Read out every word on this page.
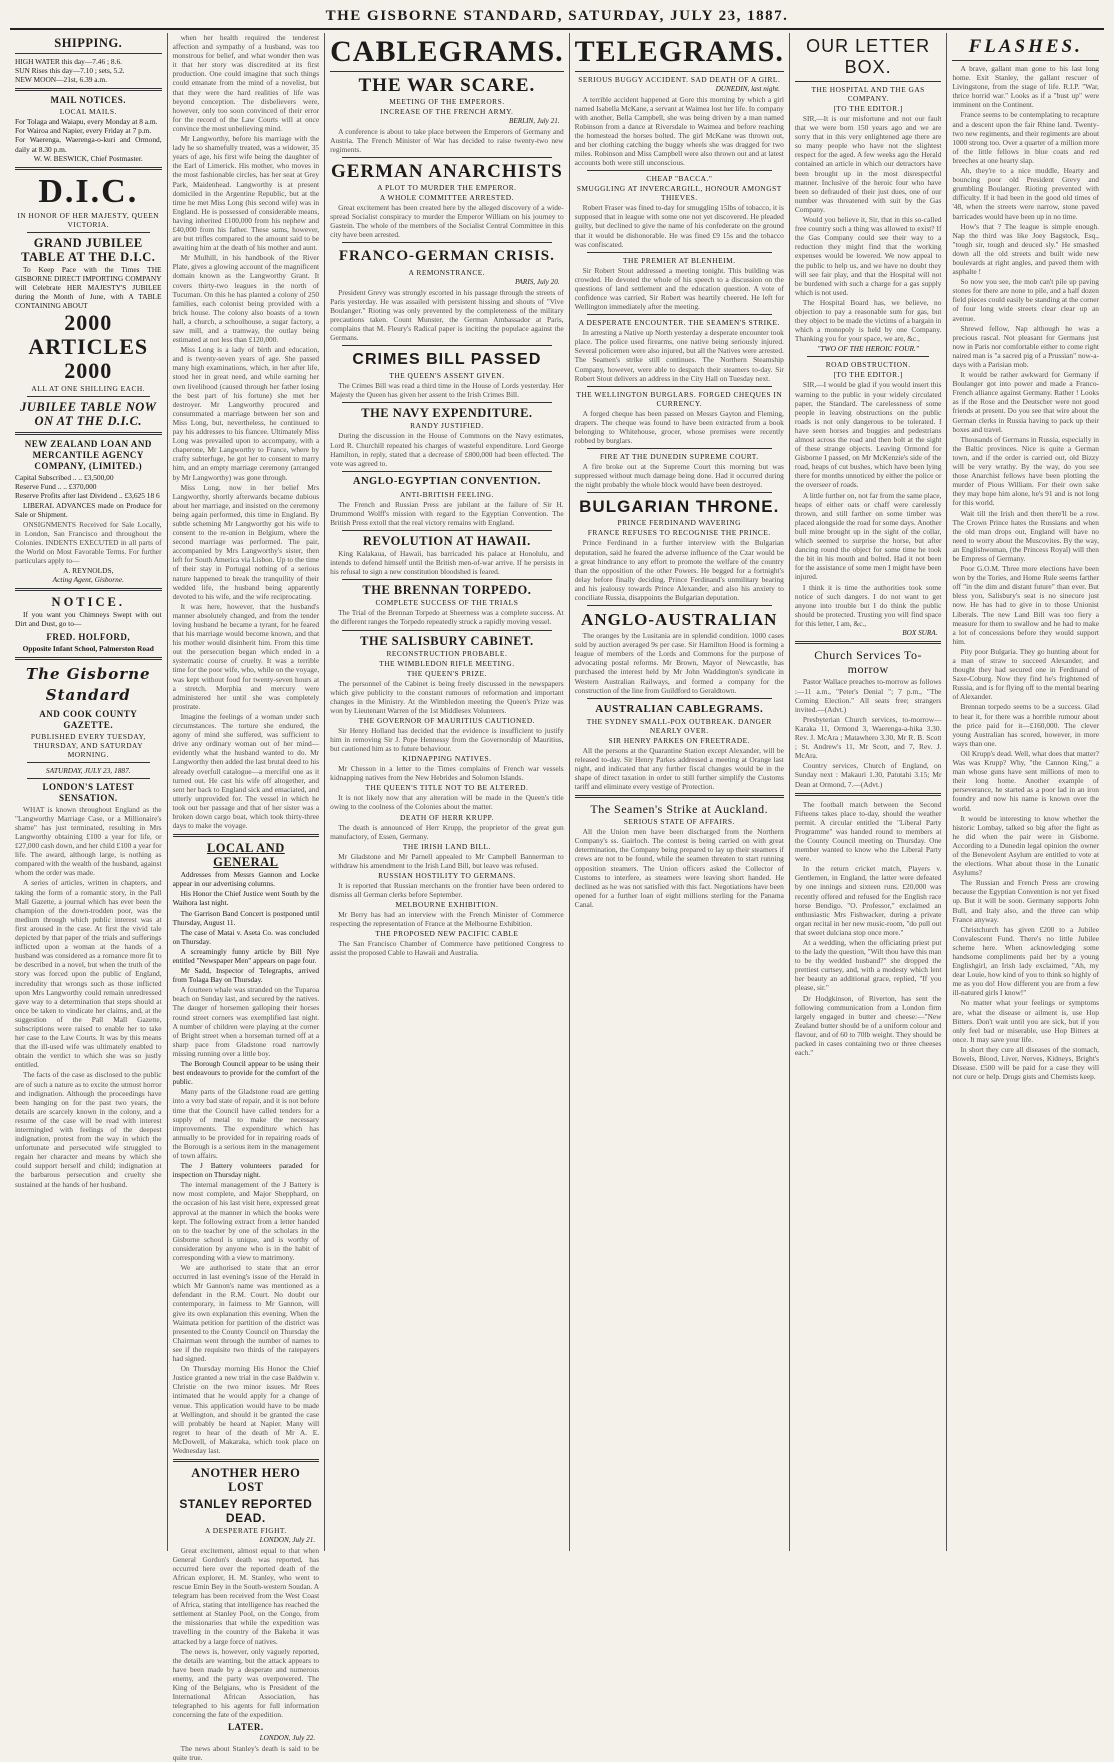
THE GISBORNE STANDARD, SATURDAY, JULY 23, 1887.
SHIPPING.
HIGH WATER this day—7.46 ; 8.6.
SUN Rises this day—7.10 ; sets, 5.2.
NEW MOON—21st, 6.39 a.m.
MAIL NOTICES.
LOCAL MAILS.
For Tolaga and Waiapu, every Monday at 8 a.m.
For Wairoa and Napier, every Friday at 7 p.m.
For Waerenga, Waerenga-o-kuri and Ormond, daily at 8.30 p.m.
W. W. BESWICK, Chief Postmaster.
D.I.C.
IN HONOR OF HER MAJESTY, QUEEN VICTORIA.
GRAND JUBILEE TABLE AT THE D.I.C.

To Keep Pace with the Times THE GISBORNE DIRECT IMPORTING COMPANY will Celebrate HER MAJESTY'S JUBILEE during the Month of June, with A TABLE CONTAINING ABOUT

2000 ARTICLES 2000
ALL AT ONE SHILLING EACH.
JUBILEE TABLE NOW ON AT THE D.I.C.
NEW ZEALAND LOAN AND MERCANTILE AGENCY COMPANY, (LIMITED.)
Capital Subscribed .. .. £3,500,00
Reserve Fund .. .. £370,000
Reserve Profits after last Dividend .. £3,625 18 6

LIBERAL ADVANCES made on Produce for Sale or Shipment.

ONSIGNMENTS Received for Sale Locally, in London, San Francisco and throughout the Colonies. INDENTS EXECUTED in all parts of the World on Most Favorable Terms. For further particulars apply to—

A. REYNOLDS,
Acting Agent, Gisborne.
NOTICE.

If you want you Chimneys Swept with out Dirt and Dust, go to—

FRED. HOLFORD,
Opposite Infant School, Palmerston Road
The Gisborne Standard
AND COOK COUNTY GAZETTE.
PUBLISHED EVERY TUESDAY, THURSDAY, AND SATURDAY MORNING.
SATURDAY, JULY 23, 1887.
LONDON'S LATEST SENSATION.

WHAT is known throughout England as the "Langworthy Marriage Case, or a Millionaire's shame" has just terminated, resulting in Mrs Langworthy obtaining £100 a year for life, or £27,000 cash down, and her child £100 a year for life. The award, although large, is nothing as compared with the wealth of the husband, against whom the order was made.

A series of articles, written in chapters, and taking the form of a romantic story, in the Pall Mall Gazette, a journal which has ever been the champion of the down-trodden poor, was the medium through which public interest was at first aroused in the case. At first the vivid tale depicted by that paper of the trials and sufferings inflicted upon a woman at the hands of a husband was considered as a romance more fit to be described in a novel, but when the truth of the story was forced upon the public of England, incredulity that wrongs such as those inflicted upon Mrs Langworthy could remain unredressed gave way to a determination that steps should at once be taken to vindicate her claims, and, at the suggestion of the Pall Mall Gazette, subscriptions were raised to enable her to take her case to the Law Courts. It was by this means that the ill-used wife was ultimately enabled to obtain the verdict to which she was so justly entitled.

The facts of the case as disclosed to the public are of such a nature as to excite the utmost horror and indignation. Although the proceedings have been hanging on for the past two years, the details are scarcely known in the colony, and a resume of the case will be read with interest intermingled with feelings of the deepest indignation, protest from the way in which the unfortunate and persecuted wife struggled to regain her character and means by which she could support herself and child; indignation at the barbarous persecution and cruelty she sustained at the hands of her husband.

when her health required the tenderest affection and sympathy of a husband, was too monstrous for belief, and what wonder then was it that her story was discredited at its first production. One could imagine that such things could emanate from the mind of a novelist, but that they were the hard realities of life was beyond conception. The disbelievers were, however, only too soon convinced of their error for the record of the Law Courts will at once convince the most unbelieving mind.

Mr Langworthy, before his marriage with the lady he so shamefully treated, was a widower, 35 years of age, his first wife being the daughter of the Earl of Limerick. His mother, who moves in the most fashionable circles, has her seat at Grey Park, Maidenhead. Langworthy is at present domiciled in the Argentine Republic, but at the time he met Miss Long (his second wife) was in England. He is possessed of considerable means, having inherited £100,000 from his nephew and £40,000 from his father. These sums, however, are but trifles compared to the amount said to be awaiting him at the death of his mother and aunt.

Mr Mulhill, in his handbook of the River Plate, gives a glowing account of the magnificent domain known as the Langworthy Grant. It covers thirty-two leagues in the north of Tucuman. On this he has planted a colony of 250 families, each colonist being provided with a brick house. The colony also boasts of a town hall, a church, a schoolhouse, a sugar factory, a saw mill, and a tramway, the outlay being estimated at not less than £120,000.

Miss Long is a lady of birth and education, and is twenty-seven years of age. She passed many high examinations, which, in her after life, stood her in great need, and while earning her own livelihood (caused through her father losing the best part of his fortune) she met her destroyer. Mr Langworthy procured and consummated a marriage between her son and Miss Long, but, nevertheless, he continued to pay his addresses to his fiancee. Ultimately Miss Long was prevailed upon to accompany, with a chaperone, Mr Langworthy to France, where by crafty subterfuge, he got her to consent to marry him, and an empty marriage ceremony (arranged by Mr Langworthy) was gone through.

Miss Long, now in her belief Mrs Langworthy, shortly afterwards became dubious about her marriage, and insisted on the ceremony being again performed, this time in England. By subtle scheming Mr Langworthy got his wife to consent to the re-union in Belgium, where the second marriage was performed. The pair, accompanied by Mrs Langworthy's sister, then left for South America via Lisbon. Up to the time of their stay in Portugal nothing of a serious nature happened to break the tranquility of their wedded life, the husband being apparently devoted to his wife, and the wife reciprocating.

It was here, however, that the husband's manner absolutely changed, and from the tender loving husband he became a tyrant, for he feared that his marriage would become known, and that his mother would disinherit him. From this time out the persecution began which ended in a systematic course of cruelty. It was a terrible time for the poor wife, who, while on the voyage, was kept without food for twenty-seven hours at a stretch. Morphia and mercury were administered her until she was completely prostrate.

Imagine the feelings of a woman under such circumstances. The torture she endured, the agony of mind she suffered, was sufficient to drive any ordinary woman out of her mind—evidently what the husband wanted to do. Mr Langworthy then added the last brutal deed to his already overfull catalogue—a merciful one as it turned out. He cast his wife off altogether, and sent her back to England sick and emaciated, and utterly unprovided for. The vessel in which he took out her passage and that of her sister was a broken down cargo boat, which took thirty-three days to make the voyage.

LOCAL AND GENERAL

Addresses from Messrs Gannon and Locke appear in our advertising columns.

His Honor the Chief Justice went South by the Waihora last night.

The Garrison Band Concert is postponed until Thursday, August 11.

The case of Matai v. Aseta Co. was concluded on Thursday.

A screamingly funny article by Bill Nye entitled "Newspaper Men" appears on page four.

Mr Sadd, Inspector of Telegraphs, arrived from Tolaga Bay on Thursday.

A fourteen whale was stranded on the Tuparoa beach on Sunday last, and secured by the natives. The dauger of horsemen galloping their horses round street corners was exemplified last night. A number of children were playing at the corner of Bright street when a horseman turned off at a sharp pace from Gladstone road narrowly missing running over a little boy.

The Borough Council appear to be using their best endeavours to provide for the comfort of the public.

Many parts of the Gladstone road are getting into a very bad state of repair, and it is not before time that the Council have called tenders for a supply of metal to make the necessary improvements. The expenditure which has annually to be provided for in repairing roads of the Borough is a serious item in the management of town affairs.

The J Battery volunteers paraded for inspection on Thursday night.

The internal management of the J Battery is now most complete, and Major Shepphard, on the occasion of his last visit here, expressed great approval at the manner in which the books were kept. The following extract from a letter handed on to the teacher by one of the scholars in the Gisborne school is unique, and is worthy of consideration by anyone who is in the habit of corresponding with a view to matrimony.

We are authorised to state that an error occurred in last evening's issue of the Herald in which Mr Gannon's name was mentioned as a defendant in the R.M. Court. No doubt our contemporary, in fairness to Mr Gannon, will give its own explanation this evening. When the Waimata petition for partition of the district was presented to the County Council on Thursday the Chairman went through the number of names to see if the requisite two thirds of the ratepayers had signed.

On Thursday morning His Honor the Chief Justice granted a new trial in the case Baldwin v. Christie on the two minor issues. Mr Rees intimated that he would apply for a change of venue. This application would have to be made at Wellington, and should it be granted the case will probably be heard at Napier. Many will regret to hear of the death of Mr A. E. McDowell, of Makaraka, which took place on Wednesday last.

ANOTHER HERO LOST
STANLEY REPORTED DEAD.
A DESPERATE FIGHT.
LONDON, July 21.

Great excitement, almost equal to that when General Gordon's death was reported, has occurred here over the reported death of the African explorer, H. M. Stanley, who went to rescue Emin Bey in the South-western Soudan. A telegram has been received from the West Coast of Africa, stating that intelligence has reached the settlement at Stanley Pool, on the Congo, from the missionaries that while the expedition was travelling in the country of the Bakeba it was attacked by a large force of natives.

The news is, however, only vaguely reported, the details are wanting, but the attack appears to have been made by a desperate and numerous enemy, and the party was overpowered. The King of the Belgians, who is President of the International African Association, has telegraphed to his agents for full information concerning the fate of the expedition.

LATER.
LONDON, July 22.

The news about Stanley's death is said to be quite true.

CABLEGRAMS.
THE WAR SCARE.
MEETING OF THE EMPERORS.
INCREASE OF THE FRENCH ARMY.
BERLIN, July 21.

A conference is about to take place between the Emperors of Germany and Austria. The French Minister of War has decided to raise twenty-two new regiments.

GERMAN ANARCHISTS
A PLOT TO MURDER THE EMPEROR.
A WHOLE COMMITTEE ARRESTED.

Great excitement has been created here by the alleged discovery of a wide-spread Socialist conspiracy to murder the Emperor William on his journey to Gastein. The whole of the members of the Socialist Central Committee in this city have been arrested.

FRANCO-GERMAN CRISIS.
A REMONSTRANCE.
PARIS, July 20.

President Grevy was strongly escorted in his passage through the streets of Paris yesterday. He was assailed with persistent hissing and shouts of "Vive Boulanger." Rioting was only prevented by the completeness of the military precautions taken. Count Munster, the German Ambassador at Paris, complains that M. Fleury's Radical paper is inciting the populace against the Germans.

CRIMES BILL PASSED
THE QUEEN'S ASSENT GIVEN.

The Crimes Bill was read a third time in the House of Lords yesterday. Her Majesty the Queen has given her assent to the Irish Crimes Bill.

THE NAVY EXPENDITURE.
RANDY JUSTIFIED.

During the discussion in the House of Commons on the Navy estimates, Lord R. Churchill repeated his charges of wasteful expenditure. Lord George Hamilton, in reply, stated that a decrease of £800,000 had been effected. The vote was agreed to.

ANGLO-EGYPTIAN CONVENTION.
ANTI-BRITISH FEELING.

The French and Russian Press are jubilant at the failure of Sir H. Drummond Wolff's mission with regard to the Egyptian Convention. The British Press extoll that the real victory remains with England.

REVOLUTION AT HAWAII.

King Kalakaua, of Hawaii, has barricaded his palace at Honolulu, and intends to defend himself until the British men-of-war arrive. If he persists in his refusal to sign a new constitution bloodshed is feared.

THE BRENNAN TORPEDO.
COMPLETE SUCCESS OF THE TRIALS

The Trial of the Brennan Torpedo at Sheerness was a complete success. At the different ranges the Torpedo repeatedly struck a rapidly moving vessel.

THE SALISBURY CABINET.
RECONSTRUCTION PROBABLE.
THE WIMBLEDON RIFLE MEETING.
THE QUEEN'S PRIZE.

The personnel of the Cabinet is being freely discussed in the newspapers which give publicity to the constant rumours of reformation and important changes in the Ministry. At the Wimbledon meeting the Queen's Prize was won by Lieutenant Warren of the 1st Middlesex Volunteers.

THE GOVERNOR OF MAURITIUS CAUTIONED.

Sir Henry Holland has decided that the evidence is insufficient to justify him in removing Sir J. Pope Hennessy from the Governorship of Mauritius, but cautioned him as to future behaviour.

KIDNAPPING NATIVES.

Mr Chesson in a letter to the Times complains of French war vessels kidnapping natives from the New Hebrides and Solomon Islands.

THE QUEEN'S TITLE NOT TO BE ALTERED.

It is not likely now that any alteration will be made in the Queen's title owing to the coolness of the Colonies about the matter.

DEATH OF HERR KRUPP.

The death is announced of Herr Krupp, the proprietor of the great gun manufactory, of Essen, Germany.

THE IRISH LAND BILL.

Mr Gladstone and Mr Parnell appealed to Mr Campbell Bannerman to withdraw his amendment to the Irish Land Bill, but leave was refused.

RUSSIAN HOSTILITY TO GERMANS.

It is reported that Russian merchants on the frontier have been ordered to dismiss all German clerks before September.

MELBOURNE EXHIBITION.

Mr Berry has had an interview with the French Minister of Commerce respecting the representation of France at the Melbourne Exhibition.

THE PROPOSED NEW PACIFIC CABLE

The San Francisco Chamber of Commerce have petitioned Congress to assist the proposed Cable to Hawaii and Australia.

TELEGRAMS.
SERIOUS BUGGY ACCIDENT. SAD DEATH OF A GIRL.
DUNEDIN, last night.

A terrible accident happened at Gore this morning by which a girl named Isabella McKane, a servant at Waimea lost her life. In company with another, Bella Campbell, she was being driven by a man named Robinson from a dance at Riversdale to Waimea and before reaching the homestead the horses bolted. The girl McKane was thrown out, and her clothing catching the buggy wheels she was dragged for two miles. Robinson and Miss Campbell were also thrown out and at latest accounts both were still unconscious.

CHEAP "BACCA."
SMUGGLING AT INVERCARGILL, HONOUR AMONGST THIEVES.

Robert Fraser was fined to-day for smuggling 15lbs of tobacco, it is supposed that in league with some one not yet discovered. He pleaded guilty, but declined to give the name of his confederate on the ground that it would be dishonorable. He was fined £9 15s and the tobacco was confiscated.

THE PREMIER AT BLENHEIM.

Sir Robert Stout addressed a meeting tonight. This building was crowded. He devoted the whole of his speech to a discussion on the questions of land settlement and the education question. A vote of confidence was carried, Sir Robert was heartily cheered. He left for Wellington immediately after the meeting.

A DESPERATE ENCOUNTER. THE SEAMEN'S STRIKE.

In arresting a Native up North yesterday a desperate encounter took place. The police used firearms, one native being seriously injured. Several policemen were also injured, but all the Natives were arrested. The Seamen's strike still continues. The Northern Steamship Company, however, were able to despatch their steamers to-day. Sir Robert Stout delivers an address in the City Hall on Tuesday next.

THE WELLINGTON BURGLARS. FORGED CHEQUES IN CURRENCY.

A forged cheque has been passed on Messrs Gayton and Fleming, drapers. The cheque was found to have been extracted from a book belonging to Whitehouse, grocer, whose premises were recently robbed by burglars.

FIRE AT THE DUNEDIN SUPREME COURT.

A fire broke out at the Supreme Court this morning but was suppressed without much damage being done. Had it occurred during the night probably the whole block would have been destroyed.

BULGARIAN THRONE.
PRINCE FERDINAND WAVERING
FRANCE REFUSES TO RECOGNISE THE PRINCE.

Prince Ferdinand in a further interview with the Bulgarian deputation, said he feared the adverse influence of the Czar would be a great hindrance to any effort to promote the welfare of the country than the opposition of the other Powers. He begged for a fortnight's delay before finally deciding. Prince Ferdinand's unmilitary bearing and his jealousy towards Prince Alexander, and also his anxiety to conciliate Russia, disappoints the Bulgarian deputation.

ANGLO-AUSTRALIAN

The oranges by the Lusitania are in splendid condition. 1000 cases sold by auction averaged 9s per case. Sir Hamilton Hood is forming a league of members of the Lords and Commons for the purpose of advocating postal reforms. Mr Brown, Mayor of Newcastle, has purchased the interest held by Mr John Waddington's syndicate in Western Australian Railways, and formed a company for the construction of the line from Guildford to Geraldtown.

AUSTRALIAN CABLEGRAMS.
THE SYDNEY SMALL-POX OUTBREAK. DANGER NEARLY OVER.
SIR HENRY PARKES ON FREETRADE.

All the persons at the Quarantine Station except Alexander, will be released to-day. Sir Henry Parkes addressed a meeting at Orange last night, and indicated that any further fiscal changes would be in the shape of direct taxation in order to still further simplify the Customs tariff and eliminate every vestige of Protection.

The Seamen's Strike at Auckland.
SERIOUS STATE OF AFFAIRS.

All the Union men have been discharged from the Northern Company's ss. Gairloch. The contest is being carried on with great determination, the Company being prepared to lay up their steamers if crews are not to be found, while the seamen threaten to start running opposition steamers. The Union officers asked the Collector of Customs to interfere, as steamers were leaving short handed. He declined as he was not satisfied with this fact. Negotiations have been opened for a further loan of eight millions sterling for the Panama Canal.

OUR LETTER BOX.
THE HOSPITAL AND THE GAS COMPANY.
[TO THE EDITOR.]

SIR,—It is our misfortune and not our fault that we were born 150 years ago and we are sorry that in this very enlightened age there are so many people who have not the slightest respect for the aged. A few weeks ago the Herald contained an article in which our detractors have been brought up in the most disrespectful manner. Inclusive of the heroic four who have been so defrauded of their just dues, one of our number was threatened with suit by the Gas Company.

Would you believe it, Sir, that in this so-called free country such a thing was allowed to exist? If the Gas Company could see their way to a reduction they might find that the working expenses would be lowered. We now appeal to the public to help us, and we have no doubt they will see fair play, and that the Hospital will not be burdened with such a charge for a gas supply which is not used.

The Hospital Board has, we believe, no objection to pay a reasonable sum for gas, but they object to be made the victims of a bargain in which a monopoly is held by one Company. Thanking you for your space, we are, &c.,

"TWO OF THE HEROIC FOUR."
ROAD OBSTRUCTION.
[TO THE EDITOR.]

SIR,—I would be glad if you would insert this warning to the public in your widely circulated paper, the Standard. The carelessness of some people in leaving obstructions on the public roads is not only dangerous to be tolerated. I have seen horses and buggies and pedestrians almost across the road and then bolt at the sight of these strange objects. Leaving Ormond for Gisborne I passed, on Mr McKenzie's side of the road, heaps of cut bushes, which have been lying there for months unnoticed by either the police or the overseer of roads.

A little further on, not far from the same place, heaps of either oats or chaff were carelessly thrown, and still farther on some timber was placed alongside the road for some days. Another bull mine brought up in the sight of the collar, which seemed to surprise the horse, but after dancing round the object for some time he took the bit in his mouth and bolted. Had it not been for the assistance of some men I might have been injured.

I think it is time the authorities took some notice of such dangers. I do not want to get anyone into trouble but I do think the public should be protected. Trusting you will find space for this letter, I am, &c.,

BOX SURA.
Church Services To-morrow

Pastor Wallace preaches to-morrow as follows :—11 a.m., "Peter's Denial "; 7 p.m., "The Coming Election." All seats free; strangers invited.—(Advt.)

Presbyterian Church services, to-morrow—Karaka 11, Ormond 3, Waerenga-a-hika 3.30. Rev. J. McAra ; Matawhero 3.30, Mr R. B. Scott ; St. Andrew's 11, Mr Scott, and 7, Rev. J. McAra.

Country services, Church of England, on Sunday next : Makauri 1.30, Patutahi 3.15; Mr Dean at Ormond, 7.—(Advt.)

The football match between the Second Fifteens takes place to-day, should the weather permit. A circular entitled the "Liberal Party Programme" was handed round to members at the County Council meeting on Thursday. One member wanted to know who the Liberal Party were.

In the return cricket match, Players v. Gentlemen, in England, the latter were defeated by one innings and sixteen runs. £20,000 was recently offered and refused for the English race horse Bendigo. "O. Professor," exclaimed an enthusiastic Mrs Fishwacker, during a private organ recital in her new music-room, "do pull out that sweet dulciana stop once more."

At a wedding, when the officiating priest put to the lady the question, "Wilt thou have this man to be thy wedded husband?" she dropped the prettiest curtsey, and, with a modesty which lent her beauty an additional grace, replied, "If you please, sir."

Dr Hodgkinson, of Riverton, has sent the following communication from a London firm largely engaged in butter and cheese:—"New Zealand butter should be of a uniform colour and flavour, and of 60 to 70lb weight. They should be packed in cases containing two or three cheeses each."

FLASHES.

A brave, gallant man gone to his last long home. Exit Stanley, the gallant rescuer of Livingstone, from the stage of life. R.I.P. "War, thrice horrid war." Looks as if a "bust up" were imminent on the Continent.

France seems to be contemplating to recapture and a descent upon the fair Rhine land. Twenty-two new regiments, and their regiments are about 1000 strong too. Over a quarter of a million more of the little fellows in blue coats and red breeches at one hearty slap.

Ah, they're to a nice muddle, Hearty and bouncing poor old President Grevy and grumbling Boulanger. Rioting prevented with difficulty. If it had been in the good old times of '48, when the streets were narrow, stone paved barricades would have been up in no time.

How's that ? The league is simple enough. Nap the third was like Joey Bagstock, Esq., "tough sir, tough and deuced sly." He smashed down all the old streets and built wide new boulevards at right angles, and paved them with asphalte !

So now you see, the mob can't pile up paving stones for there are none to pile, and a half dozen field pieces could easily be standing at the corner of four long wide streets clear clear up an avenue.

Shrewd fellow, Nap although he was a precious rascal. Not pleasant for Germans just now in Paris nor comfortable either to come right naired man is "a sacred pig of a Prussian" now-a-days with a Parisian mob.

It would be rather awkward for Germany if Boulanger got into power and made a Franco-French alliance against Germany. Rather ! Looks as if the Rose and the Deutscher were not good friends at present. Do you see that wire about the German clerks in Russia having to pack up their boxes and travel.

Thousands of Germans in Russia, especially in the Baltic provinces. Nice is quite a German town, and if the order is carried out, old Bizzy will be very wrathy. By the way, do you see those Anarchist fellows have been plotting the murder of Pious William. For their own sake they may hope him alone, he's 91 and is not long for this world.

Wait till the Irish and then there'll be a row. The Crown Prince hates the Russians and when the old man drops out, England will have no need to worry about the Muscovites. By the way, an Englishwoman, (the Princess Royal) will then be Empress of Germany.

Poor G.O.M. Three more elections have been won by the Tories, and Home Rule seems farther off "in the dim and distant future" than ever. But bless you, Salisbury's seat is no sinecure just now. He has had to give in to those Unionist Liberals. The new Land Bill was too fiery a measure for them to swallow and he had to make a lot of concessions before they would support him.

Pity poor Bulgaria. They go hunting about for a man of straw to succeed Alexander, and thought they had secured one in Ferdinand of Saxe-Coburg. Now they find he's frightened of Russia, and is for flying off to the mental bearing of Alexander.

Brennan torpedo seems to be a success. Glad to hear it, for there was a horrible rumour about the price paid for it—£160,000. The clever young Australian has scored, however, in more ways than one.

Oil Krupp's dead. Well, what does that matter? Was was Krupp? Why, "the Cannon King," a man whose guns have sent millions of men to their long home. Another example of perseverance, he started as a poor lad in an iron foundry and now his name is known over the world.

It would be interesting to know whether the historic Lombay, talked so big after the fight as he did when the pair were in Gisborne. According to a Dunedin legal opinion the owner of the Benevolent Asylum are entitled to vote at the elections. What about those in the Lunatic Asylums?

The Russian and French Press are crowing because the Egyptian Convention is not yet fixed up. But it will be soon. Germany supports John Bull, and Italy also, and the three can whip France anyway.

Christchurch has given £200 to a Jubilee Convalescent Fund. There's no little Jubilee scheme here. When acknowledging some handsome compliments paid her by a young Englishgirl, an Irish lady exclaimed, "Ah, my dear Louie, how kind of you to think so highly of me as you do! How different you are from a few ill-natured girls I know!"

No matter what your feelings or symptoms are, what the disease or ailment is, use Hop Bitters. Don't wait until you are sick, but if you only feel bad or miserable, use Hop Bitters at once. It may save your life.

In short they cure all diseases of the stomach, Bowels, Blood, Liver, Nerves, Kidneys, Bright's Disease. £500 will be paid for a case they will not cure or help. Drugs gists and Chemists keep.
